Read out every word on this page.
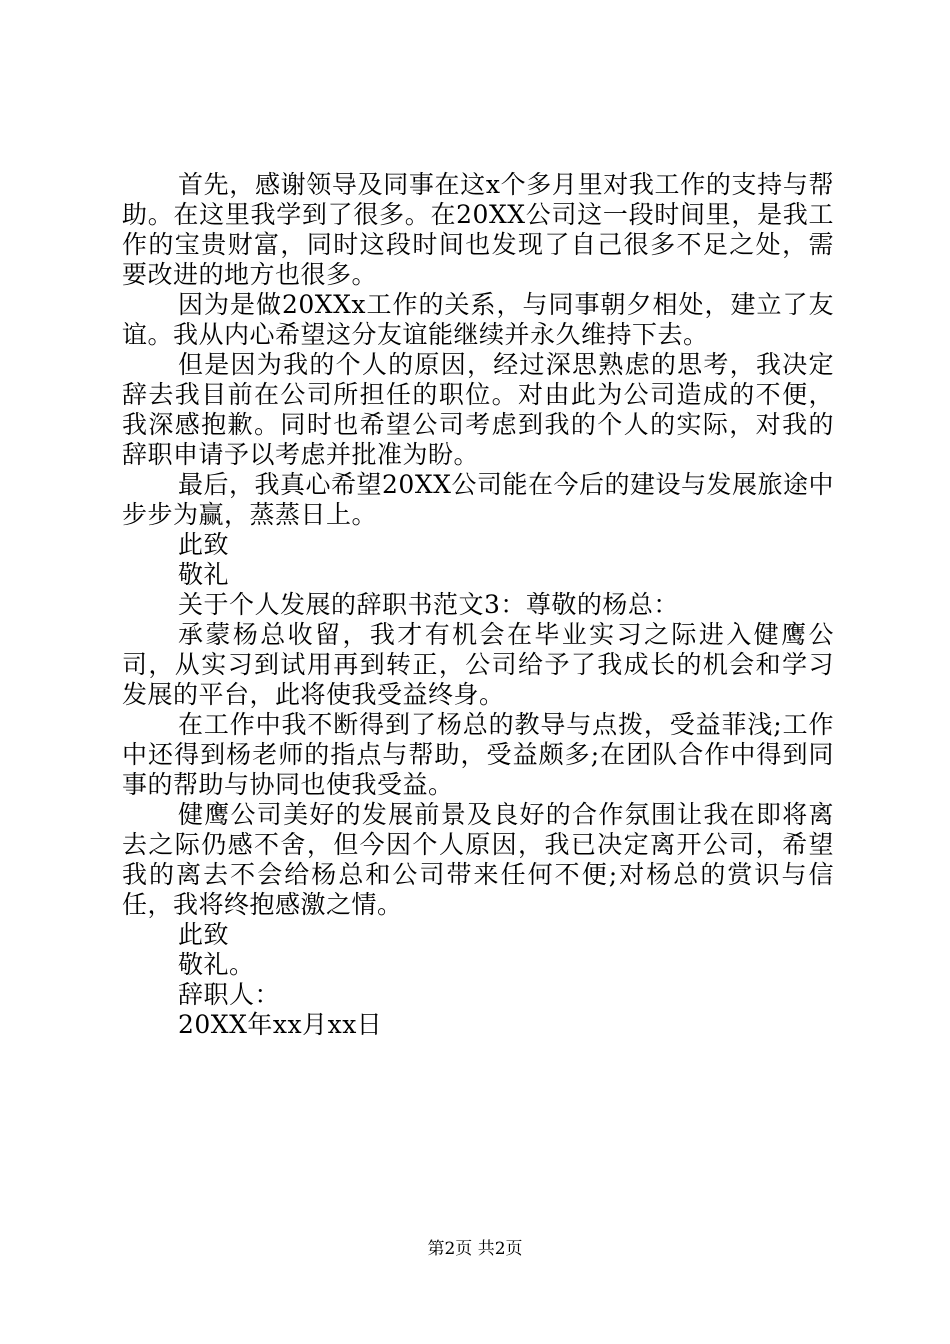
首先，感谢领导及同事在这x个多月里对我工作的支持与帮助。在这里我学到了很多。在20XX公司这一段时间里，是我工作的宝贵财富，同时这段时间也发现了自己很多不足之处，需要改进的地方也很多。

因为是做20XXx工作的关系，与同事朝夕相处，建立了友谊。我从内心希望这分友谊能继续并永久维持下去。

但是因为我的个人的原因，经过深思熟虑的思考，我决定辞去我目前在公司所担任的职位。对由此为公司造成的不便，我深感抱歉。同时也希望公司考虑到我的个人的实际，对我的辞职申请予以考虑并批准为盼。

最后，我真心希望20XX公司能在今后的建设与发展旅途中步步为赢，蒸蒸日上。

此致

敬礼

关于个人发展的辞职书范文3：尊敬的杨总：

承蒙杨总收留，我才有机会在毕业实习之际进入健鹰公司，从实习到试用再到转正，公司给予了我成长的机会和学习发展的平台，此将使我受益终身。

在工作中我不断得到了杨总的教导与点拨，受益菲浅;工作中还得到杨老师的指点与帮助，受益颇多;在团队合作中得到同事的帮助与协同也使我受益。

健鹰公司美好的发展前景及良好的合作氛围让我在即将离去之际仍感不舍，但今因个人原因，我已决定离开公司，希望我的离去不会给杨总和公司带来任何不便;对杨总的赏识与信任，我将终抱感激之情。

此致

敬礼。

辞职人：

20XX年xx月xx日

第2页 共2页
